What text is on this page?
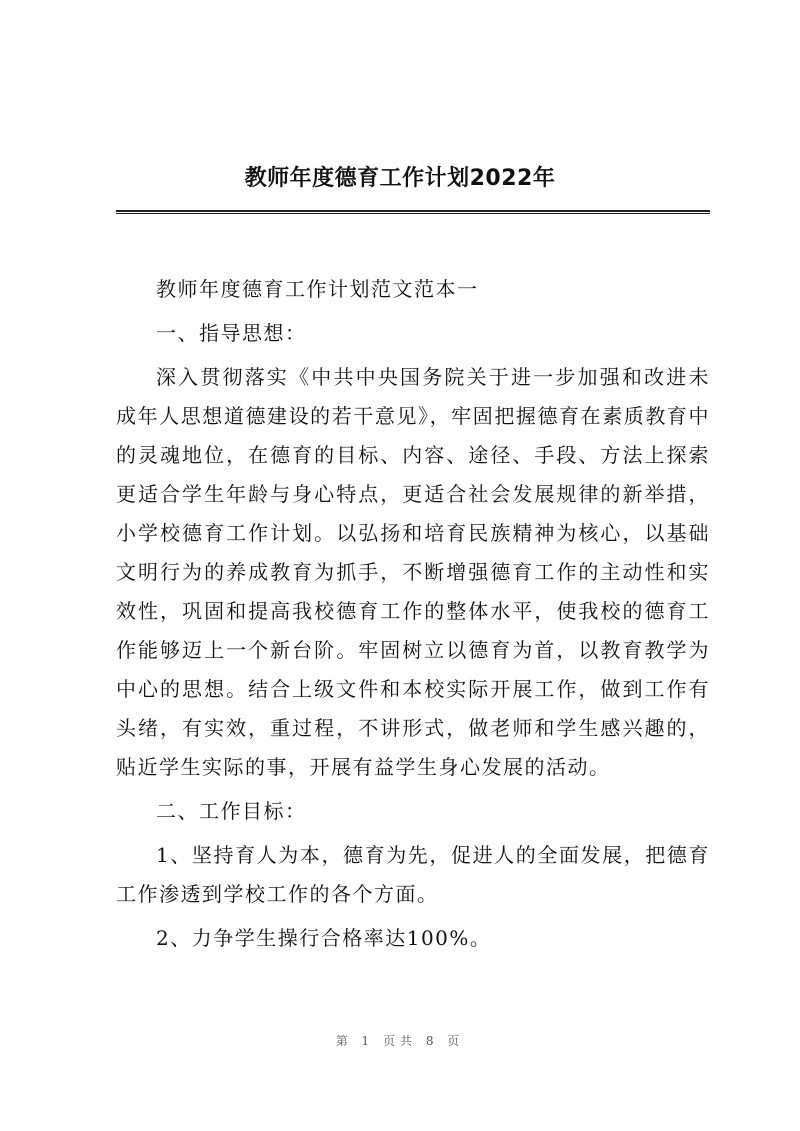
教师年度德育工作计划2022年

教师年度德育工作计划范文范本一

一、指导思想：

深入贯彻落实《中共中央国务院关于进一步加强和改进未成年人思想道德建设的若干意见》，牢固把握德育在素质教育中的灵魂地位，在德育的目标、内容、途径、手段、方法上探索更适合学生年龄与身心特点，更适合社会发展规律的新举措，小学校德育工作计划。以弘扬和培育民族精神为核心，以基础文明行为的养成教育为抓手，不断增强德育工作的主动性和实效性，巩固和提高我校德育工作的整体水平，使我校的德育工作能够迈上一个新台阶。牢固树立以德育为首，以教育教学为中心的思想。结合上级文件和本校实际开展工作，做到工作有头绪，有实效，重过程，不讲形式，做老师和学生感兴趣的，贴近学生实际的事，开展有益学生身心发展的活动。

二、工作目标：

1、坚持育人为本，德育为先，促进人的全面发展，把德育工作渗透到学校工作的各个方面。

2、力争学生操行合格率达100%。

第 1 页共 8 页
